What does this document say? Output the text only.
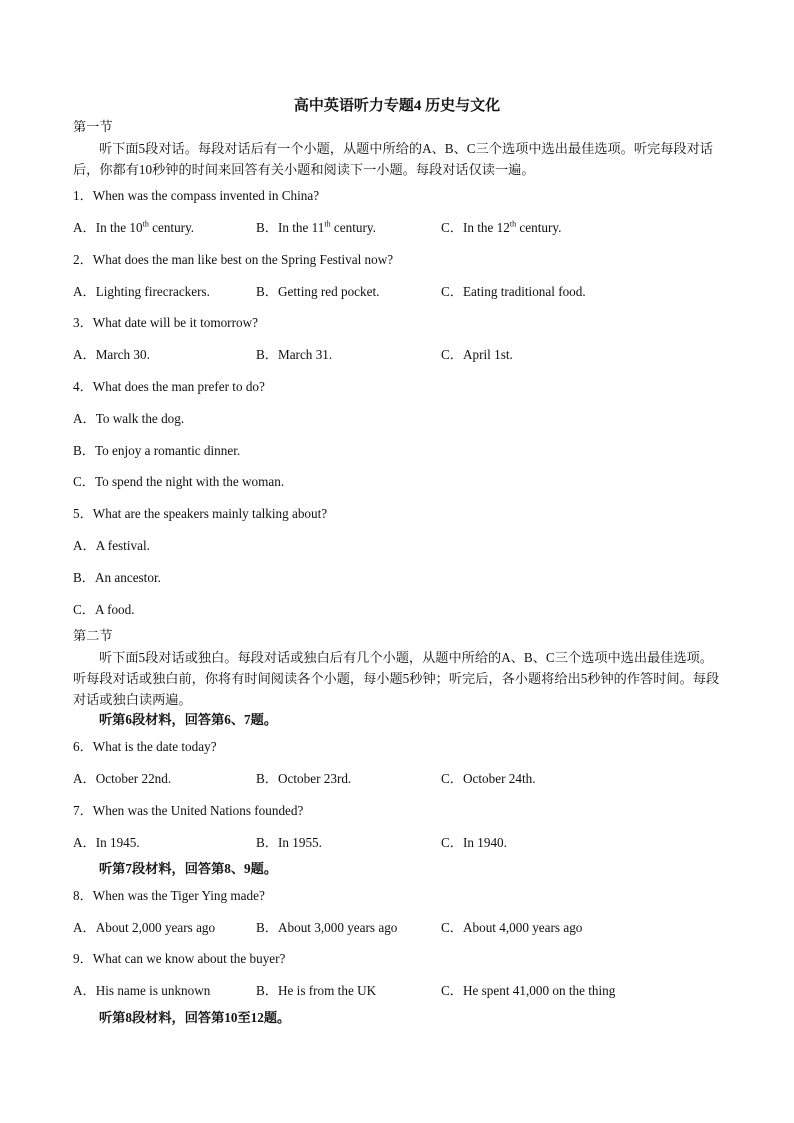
高中英语听力专题4 历史与文化
第一节
听下面5段对话。每段对话后有一个小题，从题中所给的A、B、C三个选项中选出最佳选项。听完每段对话后，你都有10秒钟的时间来回答有关小题和阅读下一小题。每段对话仅读一遍。
1．When was the compass invented in China?
A．In the 10th century.	B．In the 11th century.	C．In the 12th century.
2．What does the man like best on the Spring Festival now?
A．Lighting firecrackers.	B．Getting red pocket.	C．Eating traditional food.
3．What date will be it tomorrow?
A．March 30.	B．March 31.	C．April 1st.
4．What does the man prefer to do?
A．To walk the dog.
B．To enjoy a romantic dinner.
C．To spend the night with the woman.
5．What are the speakers mainly talking about?
A．A festival.
B．An ancestor.
C．A food.
第二节
听下面5段对话或独白。每段对话或独白后有几个小题，从题中所给的A、B、C三个选项中选出最佳选项。听每段对话或独白前，你将有时间阅读各个小题，每小题5秒钟；听完后，各小题将给出5秒钟的作答时间。每段对话或独白读两遍。
听第6段材料，回答第6、7题。
6．What is the date today?
A．October 22nd.	B．October 23rd.	C．October 24th.
7．When was the United Nations founded?
A．In 1945.	B．In 1955.	C．In 1940.
听第7段材料，回答第8、9题。
8．When was the Tiger Ying made?
A．About 2,000 years ago	B．About 3,000 years ago	C．About 4,000 years ago
9．What can we know about the buyer?
A．His name is unknown	B．He is from the UK	C．He spent 41,000 on the thing
听第8段材料，回答第10至12题。
